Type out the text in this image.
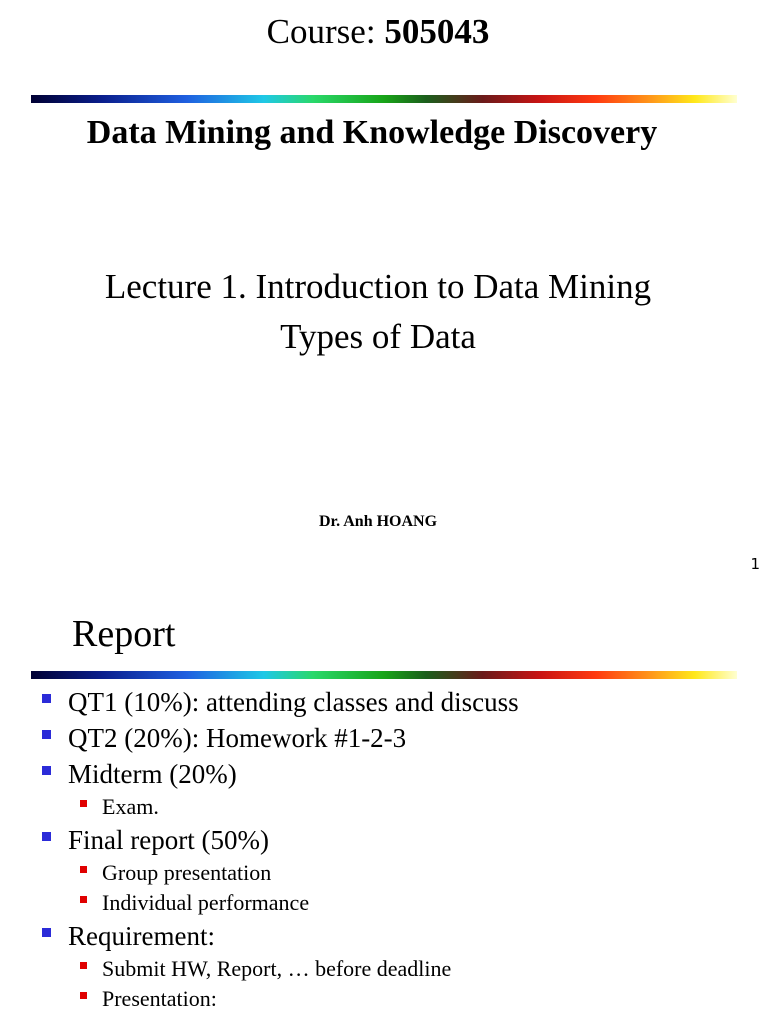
Course: 505043
Data Mining and Knowledge Discovery
Lecture 1. Introduction to Data Mining
Types of Data
Dr. Anh HOANG
1
Report
QT1 (10%): attending classes and discuss
QT2 (20%): Homework #1-2-3
Midterm (20%)
Exam.
Final report (50%)
Group presentation
Individual performance
Requirement:
Submit HW, Report, … before deadline
Presentation:
